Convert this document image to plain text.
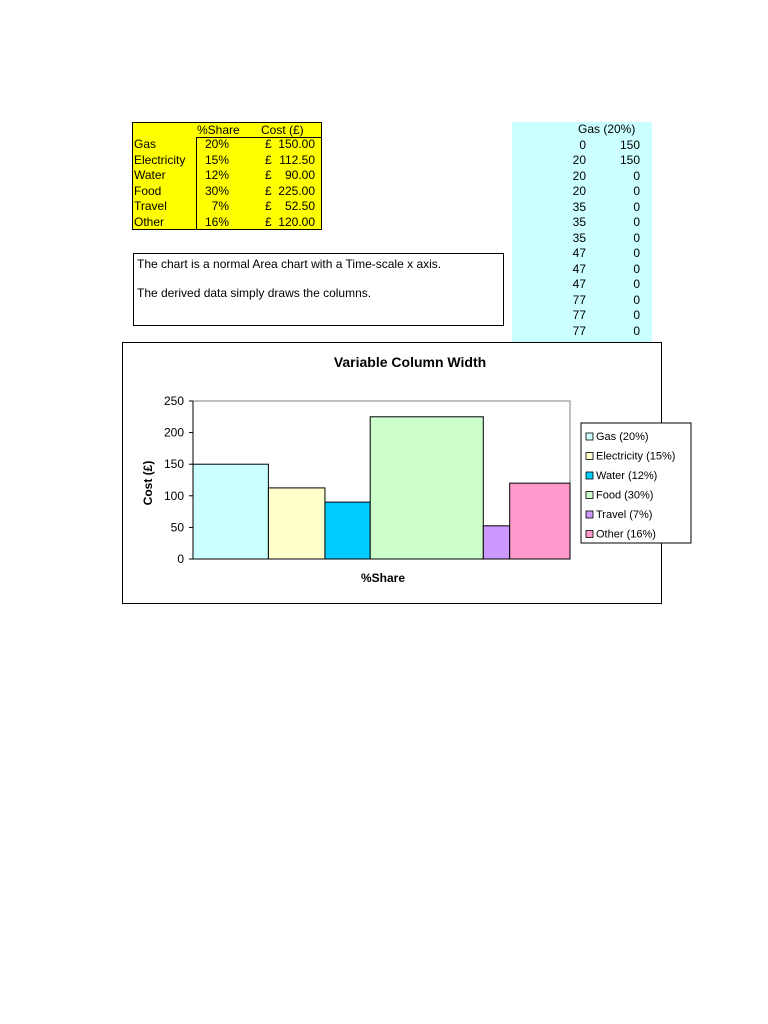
%Share Cost (£)
Gas	20%	£ 150.00
Electricity 15%	£ 112.50
Water	12%	£ 90.00
Food	30%	£ 225.00
Travel	7%	£ 52.50
Other	16%	£ 120.00

The chart is a normal Area chart with a Time-scale x axis.

The derived data simply draws the columns.

Gas (20%)
0	150
20	150
20	0
20	0
35	0
35	0
35	0
47	0
47	0
47	0
77	0
77	0
77	0
Variable Column Width
%Share
Cost (£)
0
50
100
150
200
250
Gas (20%)
Electricity (15%)
Water (12%)
Food (30%)
Travel (7%)
Other (16%)
